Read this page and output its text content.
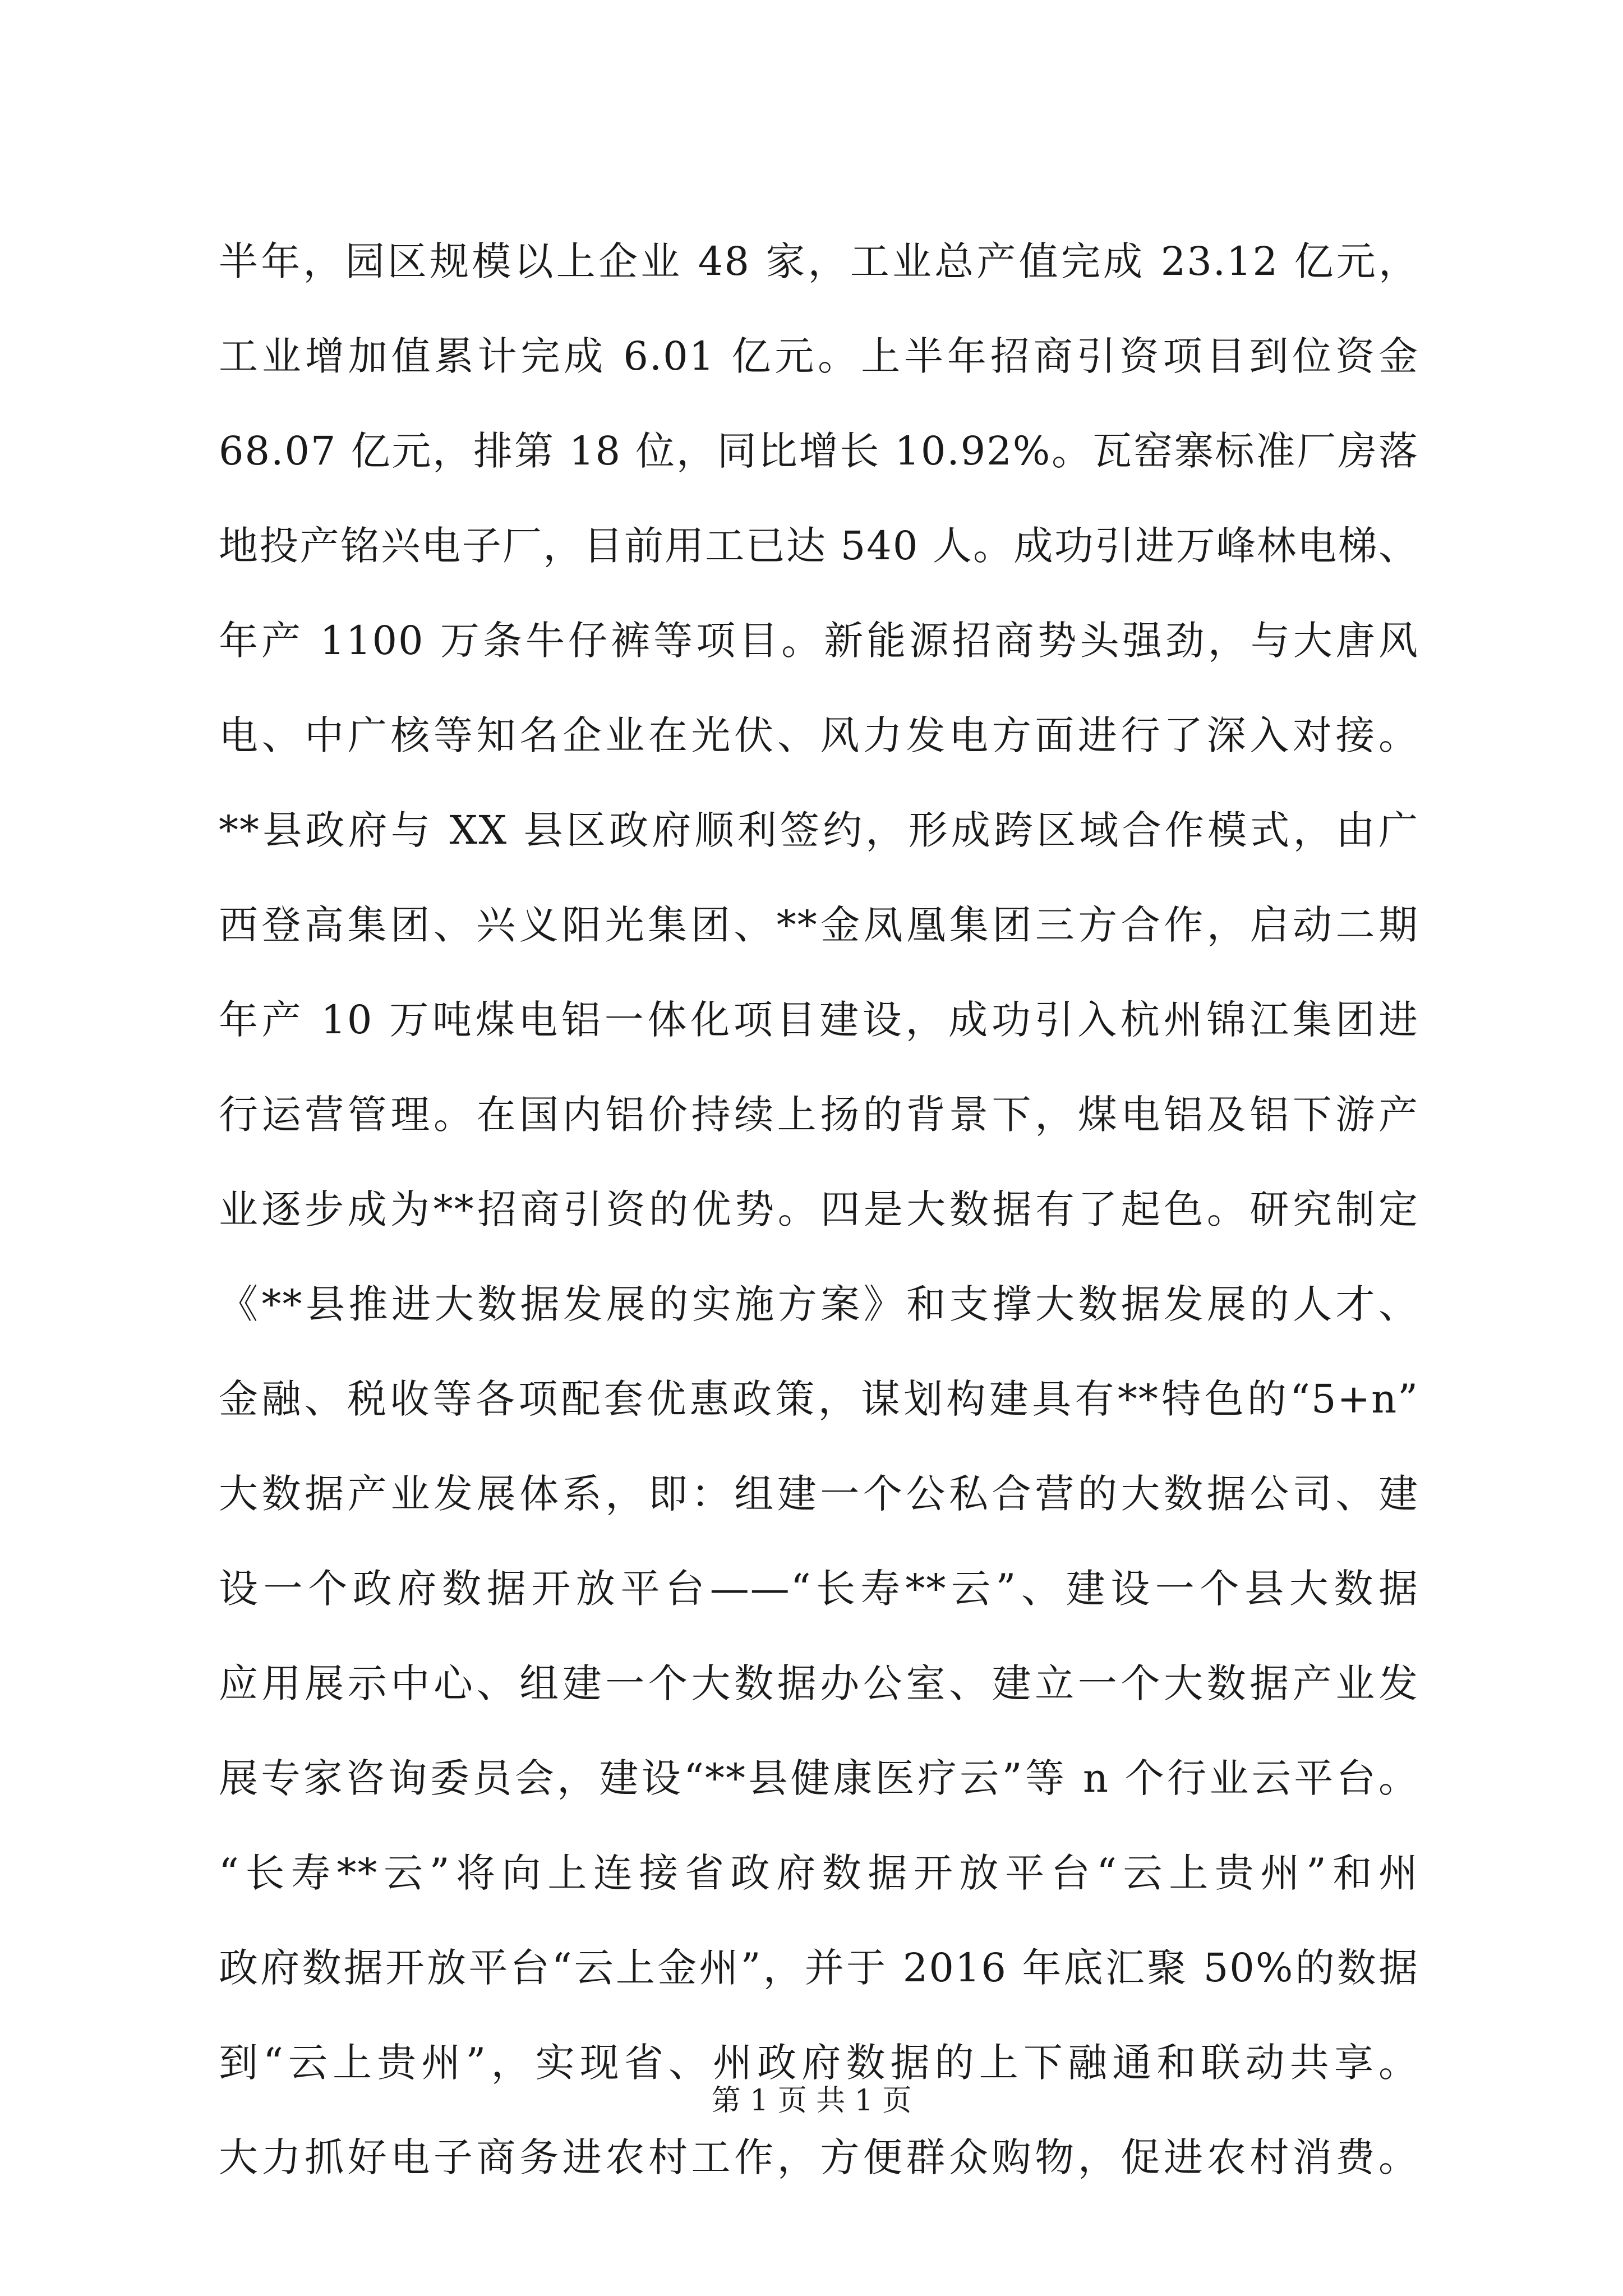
半年，园区规模以上企业 48 家，工业总产值完成 23.12 亿元，
工业增加值累计完成 6.01 亿元。上半年招商引资项目到位资金
68.07 亿元，排第 18 位，同比增长 10.92%。瓦窑寨标准厂房落
地投产铭兴电子厂，目前用工已达 540 人。成功引进万峰林电梯、
年产 1100 万条牛仔裤等项目。新能源招商势头强劲，与大唐风
电、中广核等知名企业在光伏、风力发电方面进行了深入对接。
**县政府与 XX 县区政府顺利签约，形成跨区域合作模式，由广
西登高集团、兴义阳光集团、**金凤凰集团三方合作，启动二期
年产 10 万吨煤电铝一体化项目建设，成功引入杭州锦江集团进
行运营管理。在国内铝价持续上扬的背景下，煤电铝及铝下游产
业逐步成为**招商引资的优势。四是大数据有了起色。研究制定
《**县推进大数据发展的实施方案》和支撑大数据发展的人才、
金融、税收等各项配套优惠政策，谋划构建具有**特色的“5+n”
大数据产业发展体系，即：组建一个公私合营的大数据公司、建
设一个政府数据开放平台——“长寿**云”、建设一个县大数据
应用展示中心、组建一个大数据办公室、建立一个大数据产业发
展专家咨询委员会，建设“**县健康医疗云”等 n 个行业云平台。
“长寿**云”将向上连接省政府数据开放平台“云上贵州”和州
政府数据开放平台“云上金州”，并于 2016 年底汇聚 50%的数据
到“云上贵州”，实现省、州政府数据的上下融通和联动共享。
大力抓好电子商务进农村工作，方便群众购物，促进农村消费。
第 1 页 共 1 页
